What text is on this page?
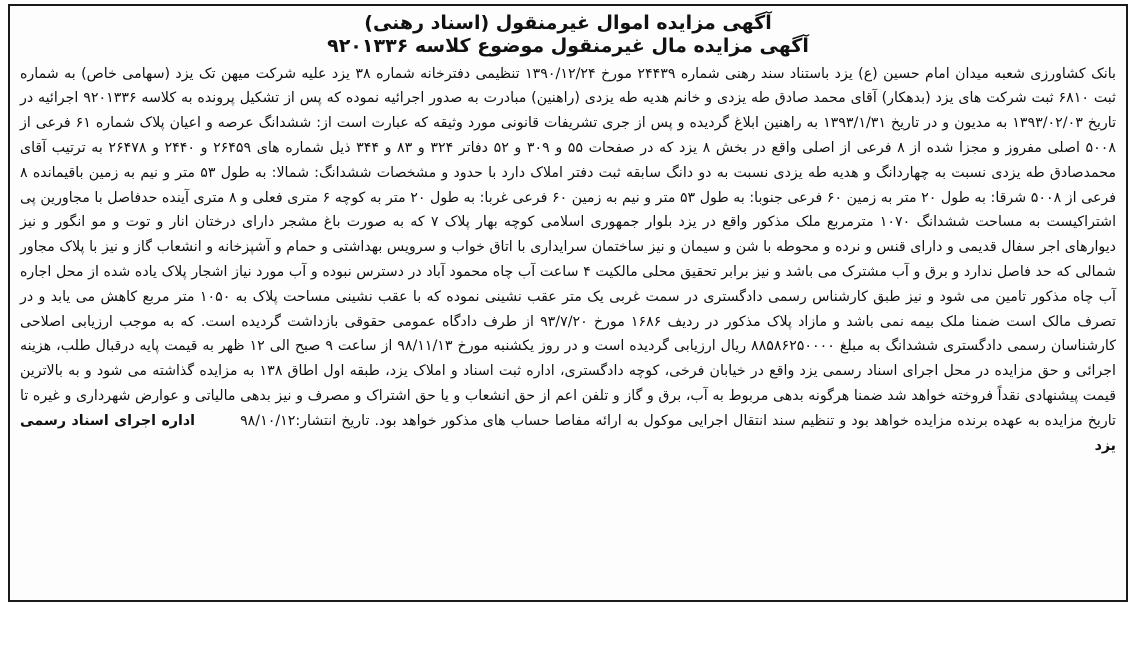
آگهی مزایده اموال غیرمنقول (اسناد رهنی)

آگهی مزایده مال غیرمنقول موضوع کلاسه ۹۲۰۱۳۳۶

بانک کشاورزی شعبه میدان امام حسین (ع) یزد باستناد سند رهنی شماره ۲۴۴۳۹ مورخ ۱۳۹۰/۱۲/۲۴ تنظیمی دفترخانه شماره ۳۸ یزد علیه شرکت میهن تک یزد (سهامی خاص) به شماره ثبت ۶۸۱۰ ثبت شرکت های یزد (بدهکار) آقای محمد صادق طه یزدی و خانم هدیه طه یزدی (راهنین) مبادرت به صدور اجرائیه نموده که پس از تشکیل پرونده به کلاسه ۹۲۰۱۳۳۶ اجرائیه در تاریخ ۱۳۹۳/۰۲/۰۳ به مدیون و در تاریخ ۱۳۹۳/۱/۳۱ به راهنین ابلاغ گردیده و پس از جری تشریفات قانونی مورد وثیقه که عبارت است از: ششدانگ عرصه و اعیان پلاک شماره ۶۱ فرعی از ۵۰۰۸ اصلی مفروز و مجزا شده از ۸ فرعی از اصلی واقع در بخش ۸ یزد که در صفحات ۵۵ و ۳۰۹ و ۵۲ دفاتر ۳۲۴ و ۸۳ و ۳۴۴ ذیل شماره های ۲۶۴۵۹ و ۲۴۴۰ و ۲۶۴۷۸ به ترتیب آقای محمدصادق طه یزدی نسبت به چهاردانگ و هدیه طه یزدی نسبت به دو دانگ سابقه ثبت دفتر املاک دارد با حدود و مشخصات ششدانگ: شمالا: به طول ۵۳ متر و نیم به زمین باقیمانده ۸ فرعی از ۵۰۰۸ شرقا: به طول ۲۰ متر به زمین ۶۰ فرعی جنوبا: به طول ۵۳ متر و نیم به زمین ۶۰ فرعی غربا: به طول ۲۰ متر به کوچه ۶ متری فعلی و ۸ متری آینده حدفاصل با مجاورین پی اشتراکیست به مساحت ششدانگ ۱۰۷۰ مترمربع ملک مذکور واقع در یزد بلوار جمهوری اسلامی کوچه بهار پلاک ۷ که به صورت باغ مشجر دارای درختان انار و توت و مو انگور و نیز دیوارهای اجر سفال قدیمی و دارای قنس و نرده و محوطه با شن و سیمان و نیز ساختمان سرایداری با اتاق خواب و سرویس بهداشتی و حمام و آشپزخانه و انشعاب گاز و نیز با پلاک مجاور شمالی که حد فاصل ندارد و برق و آب مشترک می باشد و نیز برابر تحقیق محلی مالکیت ۴ ساعت آب چاه محمود آباد در دسترس نبوده و آب مورد نیاز اشجار پلاک یاده شده از محل اجاره آب چاه مذکور تامین می شود و نیز طبق کارشناس رسمی دادگستری در سمت غربی یک متر عقب نشینی نموده که با عقب نشینی مساحت پلاک به ۱۰۵۰ متر مربع کاهش می یابد و در تصرف مالک است ضمنا ملک بیمه نمی باشد و مازاد پلاک مذکور در ردیف ۱۶۸۶ مورخ ۹۳/۷/۲۰ از طرف دادگاه عمومی حقوقی بازداشت گردیده است. که به موجب ارزیابی اصلاحی کارشناسان رسمی دادگستری ششدانگ به مبلغ ۸۸۵۸۶۲۵۰۰۰۰ ریال ارزیابی گردیده است و در روز یکشنبه مورخ ۹۸/۱۱/۱۳ از ساعت ۹ صبح الی ۱۲ ظهر به قیمت پایه درقبال طلب، هزینه اجرائی و حق مزایده در محل اجرای اسناد رسمی یزد واقع در خیابان فرخی، کوچه دادگستری، اداره ثبت اسناد و املاک یزد، طبقه اول اطاق ۱۳۸ به مزایده گذاشته می شود و به بالاترین قیمت پیشنهادی نقداً فروخته خواهد شد ضمنا هرگونه بدهی مربوط به آب، برق و گاز و تلفن اعم از حق انشعاب و یا حق اشتراک و مصرف و نیز بدهی مالیاتی و عوارض شهرداری و غیره تا تاریخ مزایده به عهده برنده مزایده خواهد بود و تنظیم سند انتقال اجرایی موکول به ارائه مفاصا حساب های مذکور خواهد بود. تاریخ انتشار:۹۸/۱۰/۱۲ اداره اجرای اسناد رسمی یزد
